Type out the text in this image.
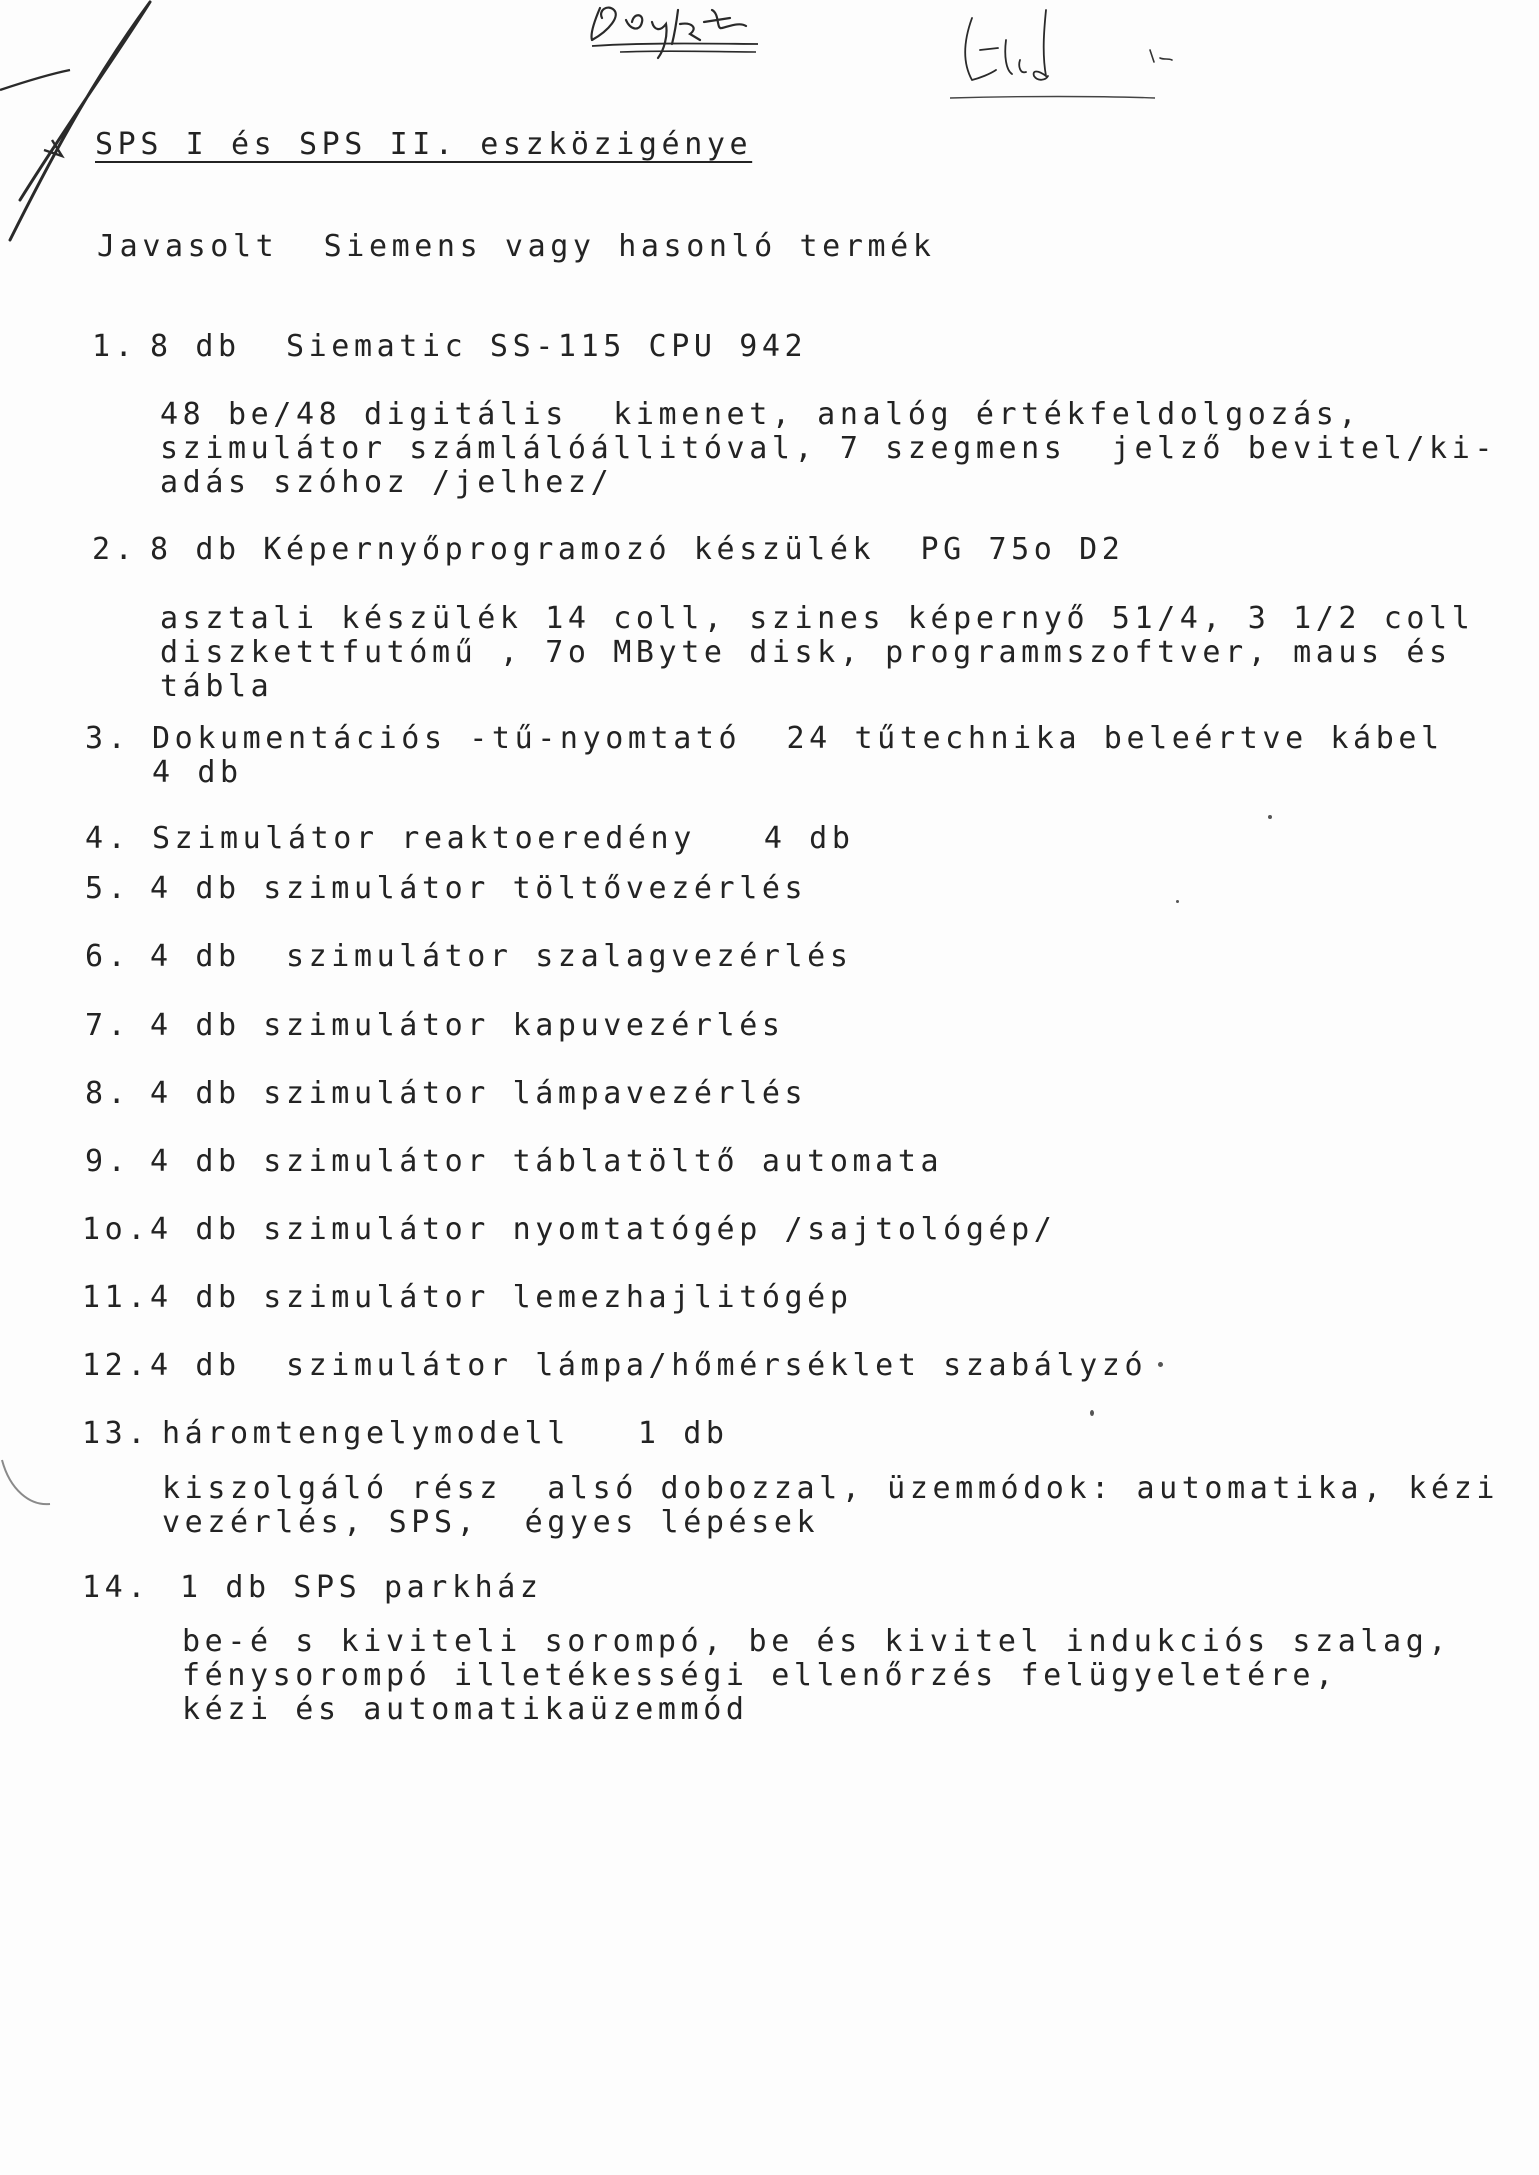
SPS I és SPS II. eszközigénye
Javasolt  Siemens vagy hasonló termék
1. 8 db  Siematic SS-115 CPU 942
48 be/48 digitális  kimenet, analóg értékfeldolgozás,
szimulátor számlálóállitóval, 7 szegmens  jelző bevitel/ki-
adás szóhoz /jelhez/
2. 8 db Képernyőprogramozó készülék  PG 75o D2
asztali készülék 14 coll, szines képernyő 51/4, 3 1/2 coll
diszkettfutómű , 7o MByte disk, programmszoftver, maus és
tábla
3. Dokumentációs -tű-nyomtató  24 tűtechnika beleértve kábel
4 db
4. Szimulátor reaktoeredény   4 db
5. 4 db szimulátor töltővezérlés
6. 4 db  szimulátor szalagvezérlés
7. 4 db szimulátor kapuvezérlés
8. 4 db szimulátor lámpavezérlés
9. 4 db szimulátor táblatöltő automata
1o. 4 db szimulátor nyomtatógép /sajtológép/
11. 4 db szimulátor lemezhajlitógép
12. 4 db  szimulátor lámpa/hőmérséklet szabályzó
13. háromtengelymodell   1 db
kiszolgáló rész  alsó dobozzal, üzemmódok: automatika, kézi
vezérlés, SPS,  égyes lépések
14. 1 db SPS parkház
be-é s kiviteli sorompó, be és kivitel indukciós szalag,
fénysorompó illetékességi ellenőrzés felügyeletére,
kézi és automatikaüzemmód
